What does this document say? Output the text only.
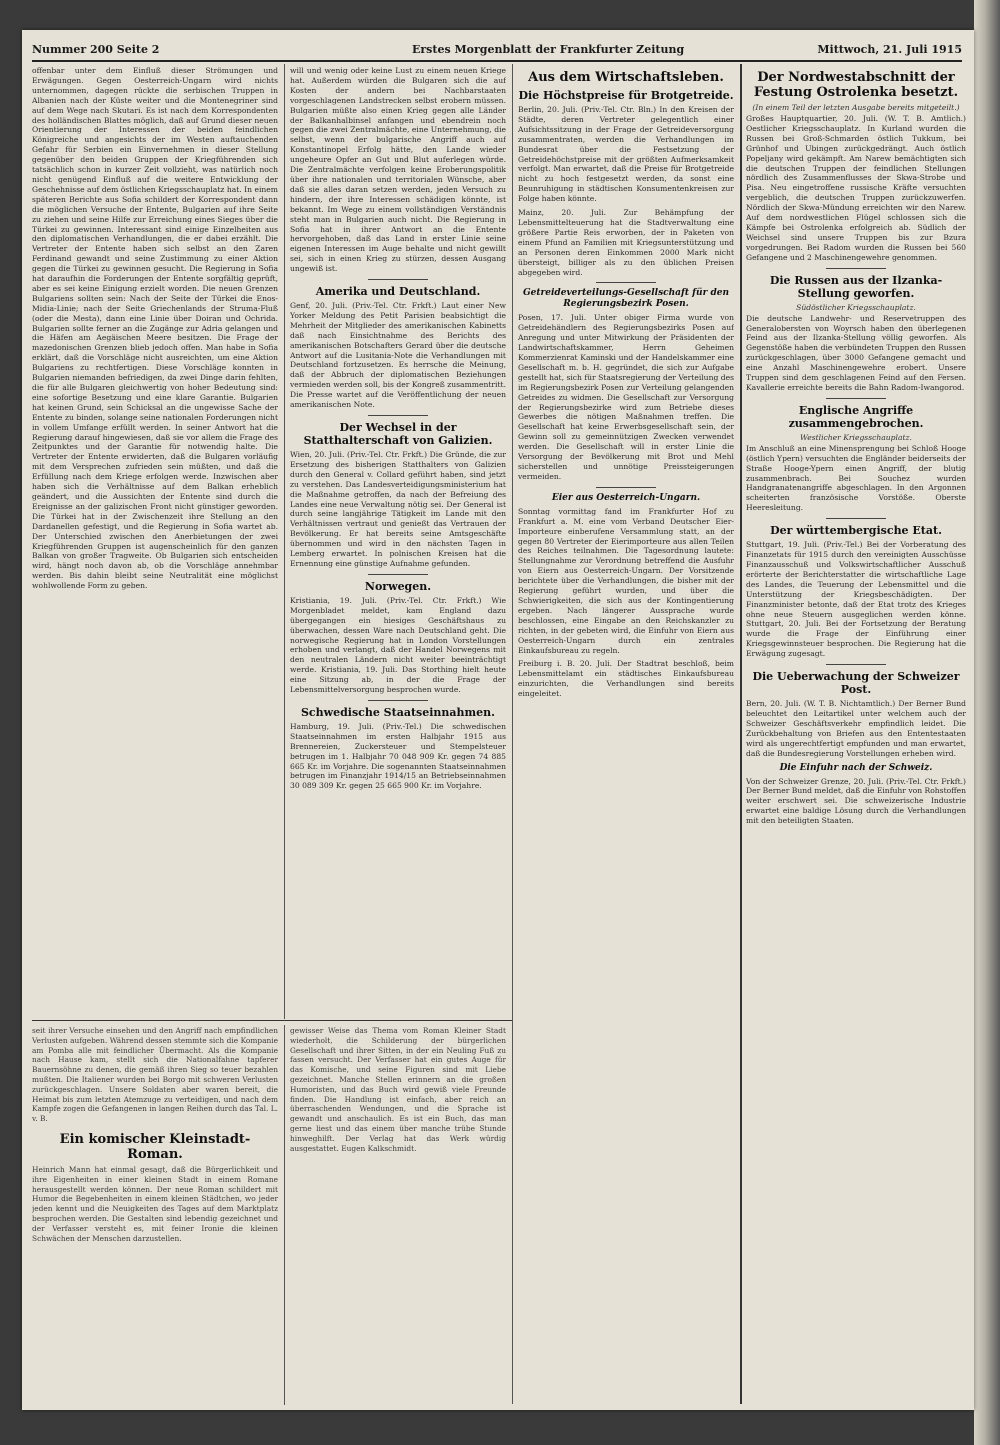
Nummer 200 Seite 2	Erstes Morgenblatt der Frankfurter Zeitung	Mittwoch, 21. Juli 1915

offenbar unter dem Einfluß dieser Strömungen und Erwägungen. Gegen Oesterreich-Ungarn wird nichts unternommen, dagegen rückte die serbischen Truppen in Albanien nach der Küste weiter und die Montenegriner sind auf dem Wege nach Skutari. Es ist nach dem Korrespondenten des holländischen Blattes möglich, daß auf Grund dieser neuen Orientierung der Interessen der beiden feindlichen Königreiche und angesichts der im Westen auftauchenden Gefahr für Serbien ein Einvernehmen in dieser Stellung gegenüber den beiden Gruppen der Kriegführenden sich tatsächlich schon in kurzer Zeit vollzieht, was natürlich noch nicht genügend Einfluß auf die weitere Entwicklung der Geschehnisse auf dem östlichen Kriegsschauplatz hat. In einem späteren Berichte aus Sofia schildert der Korrespondent dann die möglichen Versuche der Entente, Bulgarien auf ihre Seite zu ziehen und seine Hilfe zur Erreichung eines Sieges über die Türkei zu gewinnen. Interessant sind einige Einzelheiten aus den diplomatischen Verhandlungen, die er dabei erzählt. Die Vertreter der Entente haben sich selbst an den Zaren Ferdinand gewandt und seine Zustimmung zu einer Aktion gegen die Türkei zu gewinnen gesucht. Die Regierung in Sofia hat daraufhin die Forderungen der Entente sorgfältig geprüft, aber es sei keine Einigung erzielt worden. Die neuen Grenzen Bulgariens sollten sein: Nach der Seite der Türkei die Enos-Midia-Linie; nach der Seite Griechenlands der Struma-Fluß (oder die Mesta), dann eine Linie über Doiran und Ochrida. Bulgarien sollte ferner an die Zugänge zur Adria gelangen und die Häfen am Aegäischen Meere besitzen. Die Frage der mazedonischen Grenzen blieb jedoch offen. Man habe in Sofia erklärt, daß die Vorschläge nicht ausreichten, um eine Aktion Bulgariens zu rechtfertigen. Diese Vorschläge konnten in Bulgarien niemanden befriedigen, da zwei Dinge darin fehlten, die für alle Bulgaren gleichwertig von hoher Bedeutung sind: eine sofortige Besetzung und eine klare Garantie. Bulgarien hat keinen Grund, sein Schicksal an die ungewisse Sache der Entente zu binden, solange seine nationalen Forderungen nicht in vollem Umfange erfüllt werden. In seiner Antwort hat die Regierung darauf hingewiesen, daß sie vor allem die Frage des Zeitpunktes und der Garantie für notwendig halte. Die Vertreter der Entente erwiderten, daß die Bulgaren vorläufig mit dem Versprechen zufrieden sein müßten, und daß die Erfüllung nach dem Kriege erfolgen werde. Inzwischen aber haben sich die Verhältnisse auf dem Balkan erheblich geändert, und die Aussichten der Entente sind durch die Ereignisse an der galizischen Front nicht günstiger geworden. Die Türkei hat in der Zwischenzeit ihre Stellung an den Dardanellen gefestigt, und die Regierung in Sofia wartet ab. Der Unterschied zwischen den Anerbietungen der zwei Kriegführenden Gruppen ist augenscheinlich für den ganzen Balkan von großer Tragweite. Ob Bulgarien sich entscheiden wird, hängt noch davon ab, ob die Vorschläge annehmbar werden. Bis dahin bleibt seine Neutralität eine möglichst wohlwollende Form zu geben.

will und wenig oder keine Lust zu einem neuen Kriege hat. Außerdem würden die Bulgaren sich die auf Kosten der andern bei Nachbarstaaten vorgeschlagenen Landstrecken selbst erobern müssen. Bulgarien müßte also einen Krieg gegen alle Länder der Balkanhalbinsel anfangen und ebendrein noch gegen die zwei Zentralmächte, eine Unternehmung, die selbst, wenn der bulgarische Angriff auch auf Konstantinopel Erfolg hätte, den Lande wieder ungeheure Opfer an Gut und Blut auferlegen würde. Die Zentralmächte verfolgen keine Eroberungspolitik über ihre nationalen und territorialen Wünsche, aber daß sie alles daran setzen werden, jeden Versuch zu hindern, der ihre Interessen schädigen könnte, ist bekannt. Im Wege zu einem vollständigen Verständnis steht man in Bulgarien auch nicht. Die Regierung in Sofia hat in ihrer Antwort an die Entente hervorgehoben, daß das Land in erster Linie seine eigenen Interessen im Auge behalte und nicht gewillt sei, sich in einen Krieg zu stürzen, dessen Ausgang ungewiß ist.

Amerika und Deutschland.

Genf, 20. Juli. (Priv.-Tel. Ctr. Frkft.) Laut einer New Yorker Meldung des Petit Parisien beabsichtigt die Mehrheit der Mitglieder des amerikanischen Kabinetts daß nach Einsichtnahme des Berichts des amerikanischen Botschafters Gerard über die deutsche Antwort auf die Lusitania-Note die Verhandlungen mit Deutschland fortzusetzen. Es herrsche die Meinung, daß der Abbruch der diplomatischen Beziehungen vermieden werden soll, bis der Kongreß zusammentritt. Die Presse wartet auf die Veröffentlichung der neuen amerikanischen Note.

Der Wechsel in der Statthalterschaft von Galizien.

Wien, 20. Juli. (Priv.-Tel. Ctr. Frkft.) Die Gründe, die zur Ersetzung des bisherigen Statthalters von Galizien durch den General v. Collard geführt haben, sind jetzt zu verstehen. Das Landesverteidigungsministerium hat die Maßnahme getroffen, da nach der Befreiung des Landes eine neue Verwaltung nötig sei. Der General ist durch seine langjährige Tätigkeit im Lande mit den Verhältnissen vertraut und genießt das Vertrauen der Bevölkerung. Er hat bereits seine Amtsgeschäfte übernommen und wird in den nächsten Tagen in Lemberg erwartet. In polnischen Kreisen hat die Ernennung eine günstige Aufnahme gefunden.

Norwegen.

Kristiania, 19. Juli. (Priv.-Tel. Ctr. Frkft.) Wie Morgenbladet meldet, kam England dazu übergegangen ein hiesiges Geschäftshaus zu überwachen, dessen Ware nach Deutschland geht. Die norwegische Regierung hat in London Vorstellungen erhoben und verlangt, daß der Handel Norwegens mit den neutralen Ländern nicht weiter beeinträchtigt werde. Kristiania, 19. Juli. Das Storthing hielt heute eine Sitzung ab, in der die Frage der Lebensmittelversorgung besprochen wurde.

Schwedische Staatseinnahmen.

Hamburg, 19. Juli. (Priv.-Tel.) Die schwedischen Staatseinnahmen im ersten Halbjahr 1915 aus Brennereien, Zuckersteuer und Stempelsteuer betrugen im 1. Halbjahr 70 048 909 Kr. gegen 74 885 665 Kr. im Vorjahre. Die sogenannten Staatseinnahmen betrugen im Finanzjahr 1914/15 an Betriebseinnahmen 30 089 309 Kr. gegen 25 665 900 Kr. im Vorjahre.

Aus dem Wirtschaftsleben.
Die Höchstpreise für Brotgetreide.

Berlin, 20. Juli. (Priv.-Tel. Ctr. Bln.) In den Kreisen der Städte, deren Vertreter gelegentlich einer Aufsichtssitzung in der Frage der Getreideversorgung zusammentraten, werden die Verhandlungen im Bundesrat über die Festsetzung der Getreidehöchstpreise mit der größten Aufmerksamkeit verfolgt. Man erwartet, daß die Preise für Brotgetreide nicht zu hoch festgesetzt werden, da sonst eine Beunruhigung in städtischen Konsumentenkreisen zur Folge haben könnte.

Mainz, 20. Juli. Zur Behämpfung der Lebensmittelteuerung hat die Stadtverwaltung eine größere Partie Reis erworben, der in Paketen von einem Pfund an Familien mit Kriegsunterstützung und an Personen deren Einkommen 2000 Mark nicht übersteigt, billiger als zu den üblichen Preisen abgegeben wird.

Getreideverteilungs-Gesellschaft für den Regierungsbezirk Posen.

Posen, 17. Juli. Unter obiger Firma wurde von Getreidehändlern des Regierungsbezirks Posen auf Anregung und unter Mitwirkung der Präsidenten der Landwirtschaftskammer, Herrn Geheimen Kommerzienrat Kaminski und der Handelskammer eine Gesellschaft m. b. H. gegründet, die sich zur Aufgabe gestellt hat, sich für Staatsregierung der Verteilung des im Regierungsbezirk Posen zur Verteilung gelangenden Getreides zu widmen. Die Gesellschaft zur Versorgung der Regierungsbezirke wird zum Betriebe dieses Gewerbes die nötigen Maßnahmen treffen. Die Gesellschaft hat keine Erwerbsgesellschaft sein, der Gewinn soll zu gemeinnützigen Zwecken verwendet werden. Die Gesellschaft will in erster Linie die Versorgung der Bevölkerung mit Brot und Mehl sicherstellen und unnötige Preissteigerungen vermeiden.

Eier aus Oesterreich-Ungarn.

Sonntag vormittag fand im Frankfurter Hof zu Frankfurt a. M. eine vom Verband Deutscher Eier-Importeure einberufene Versammlung statt, an der gegen 80 Vertreter der Eierimporteure aus allen Teilen des Reiches teilnahmen. Die Tagesordnung lautete: Stellungnahme zur Verordnung betreffend die Ausfuhr von Eiern aus Oesterreich-Ungarn. Der Vorsitzende berichtete über die Verhandlungen, die bisher mit der Regierung geführt wurden, und über die Schwierigkeiten, die sich aus der Kontingentierung ergeben. Nach längerer Aussprache wurde beschlossen, eine Eingabe an den Reichskanzler zu richten, in der gebeten wird, die Einfuhr von Eiern aus Oesterreich-Ungarn durch ein zentrales Einkaufsbureau zu regeln.

Freiburg i. B. 20. Juli. Der Stadtrat beschloß, beim Lebensmittelamt ein städtisches Einkaufsbureau einzurichten, die Verhandlungen sind bereits eingeleitet.

Der Nordwestabschnitt der Festung Ostrolenka besetzt.
(In einem Teil der letzten Ausgabe bereits mitgeteilt.)

Großes Hauptquartier, 20. Juli. (W. T. B. Amtlich.) Oestlicher Kriegsschauplatz. In Kurland wurden die Russen bei Groß-Schmarden östlich Tukkum, bei Grünhof und Ubingen zurückgedrängt. Auch östlich Popeljany wird gekämpft. Am Narew bemächtigten sich die deutschen Truppen der feindlichen Stellungen nördlich des Zusammenflusses der Skwa-Strobe und Pisa. Neu eingetroffene russische Kräfte versuchten vergeblich, die deutschen Truppen zurückzuwerfen. Nördlich der Skwa-Mündung erreichten wir den Narew. Auf dem nordwestlichen Flügel schlossen sich die Kämpfe bei Ostrolenka erfolgreich ab. Südlich der Weichsel sind unsere Truppen bis zur Bzura vorgedrungen. Bei Radom wurden die Russen bei 560 Gefangene und 2 Maschinengewehre genommen.

Die Russen aus der Ilzanka-Stellung geworfen.
Südöstlicher Kriegsschauplatz.

Die deutsche Landwehr- und Reservetruppen des Generalobersten von Woyrsch haben den überlegenen Feind aus der Ilzanka-Stellung völlig geworfen. Als Gegenstöße haben die verbündeten Truppen den Russen zurückgeschlagen, über 3000 Gefangene gemacht und eine Anzahl Maschinengewehre erobert. Unsere Truppen sind dem geschlagenen Feind auf den Fersen. Kavallerie erreichte bereits die Bahn Radom-Iwangorod.

Englische Angriffe zusammengebrochen.
Westlicher Kriegsschauplatz.

Im Anschluß an eine Minensprengung bei Schloß Hooge (östlich Ypern) versuchten die Engländer beiderseits der Straße Hooge-Ypern einen Angriff, der blutig zusammenbrach. Bei Souchez wurden Handgranatenangriffe abgeschlagen. In den Argonnen scheiterten französische Vorstöße. Oberste Heeresleitung.

Der württembergische Etat.

Stuttgart, 19. Juli. (Priv.-Tel.) Bei der Vorberatung des Finanzetats für 1915 durch den vereinigten Ausschüsse Finanzausschuß und Volkswirtschaftlicher Ausschuß erörterte der Berichterstatter die wirtschaftliche Lage des Landes, die Teuerung der Lebensmittel und die Unterstützung der Kriegsbeschädigten. Der Finanzminister betonte, daß der Etat trotz des Krieges ohne neue Steuern ausgeglichen werden könne. Stuttgart, 20. Juli. Bei der Fortsetzung der Beratung wurde die Frage der Einführung einer Kriegsgewinnsteuer besprochen. Die Regierung hat die Erwägung zugesagt.

Die Ueberwachung der Schweizer Post.

Bern, 20. Juli. (W. T. B. Nichtamtlich.) Der Berner Bund beleuchtet den Leitartikel unter welchem auch der Schweizer Geschäftsverkehr empfindlich leidet. Die Zurückbehaltung von Briefen aus den Ententestaaten wird als ungerechtfertigt empfunden und man erwartet, daß die Bundesregierung Vorstellungen erheben wird.

Die Einfuhr nach der Schweiz.

Von der Schweizer Grenze, 20. Juli. (Priv.-Tel. Ctr. Frkft.) Der Berner Bund meldet, daß die Einfuhr von Rohstoffen weiter erschwert sei. Die schweizerische Industrie erwartet eine baldige Lösung durch die Verhandlungen mit den beteiligten Staaten.

seit ihrer Versuche einsehen und den Angriff nach empfindlichen Verlusten aufgeben. Während dessen stemmte sich die Kompanie am Pomba alle mit feindlicher Übermacht. Als die Kompanie nach Hause kam, stellt sich die Nationalfahne tapferer Bauernsöhne zu denen, die gemäß ihren Sieg so teuer bezahlen mußten. Die Italiener wurden bei Borgo mit schweren Verlusten zurückgeschlagen. Unsere Soldaten aber waren bereit, die Heimat bis zum letzten Atemzuge zu verteidigen, und nach dem Kampfe zogen die Gefangenen in langen Reihen durch das Tal. L. v. B.

Ein komischer Kleinstadt-Roman.

Heinrich Mann hat einmal gesagt, daß die Bürgerlichkeit und ihre Eigenheiten in einer kleinen Stadt in einem Romane herausgestellt werden können. Der neue Roman schildert mit Humor die Begebenheiten in einem kleinen Städtchen, wo jeder jeden kennt und die Neuigkeiten des Tages auf dem Marktplatz besprochen werden. Die Gestalten sind lebendig gezeichnet und der Verfasser versteht es, mit feiner Ironie die kleinen Schwächen der Menschen darzustellen.

gewisser Weise das Thema vom Roman Kleiner Stadt wiederholt, die Schilderung der bürgerlichen Gesellschaft und ihrer Sitten, in der ein Neuling Fuß zu fassen versucht. Der Verfasser hat ein gutes Auge für das Komische, und seine Figuren sind mit Liebe gezeichnet. Manche Stellen erinnern an die großen Humoristen, und das Buch wird gewiß viele Freunde finden. Die Handlung ist einfach, aber reich an überraschenden Wendungen, und die Sprache ist gewandt und anschaulich. Es ist ein Buch, das man gerne liest und das einem über manche trübe Stunde hinweghilft. Der Verlag hat das Werk würdig ausgestattet. Eugen Kalkschmidt.
